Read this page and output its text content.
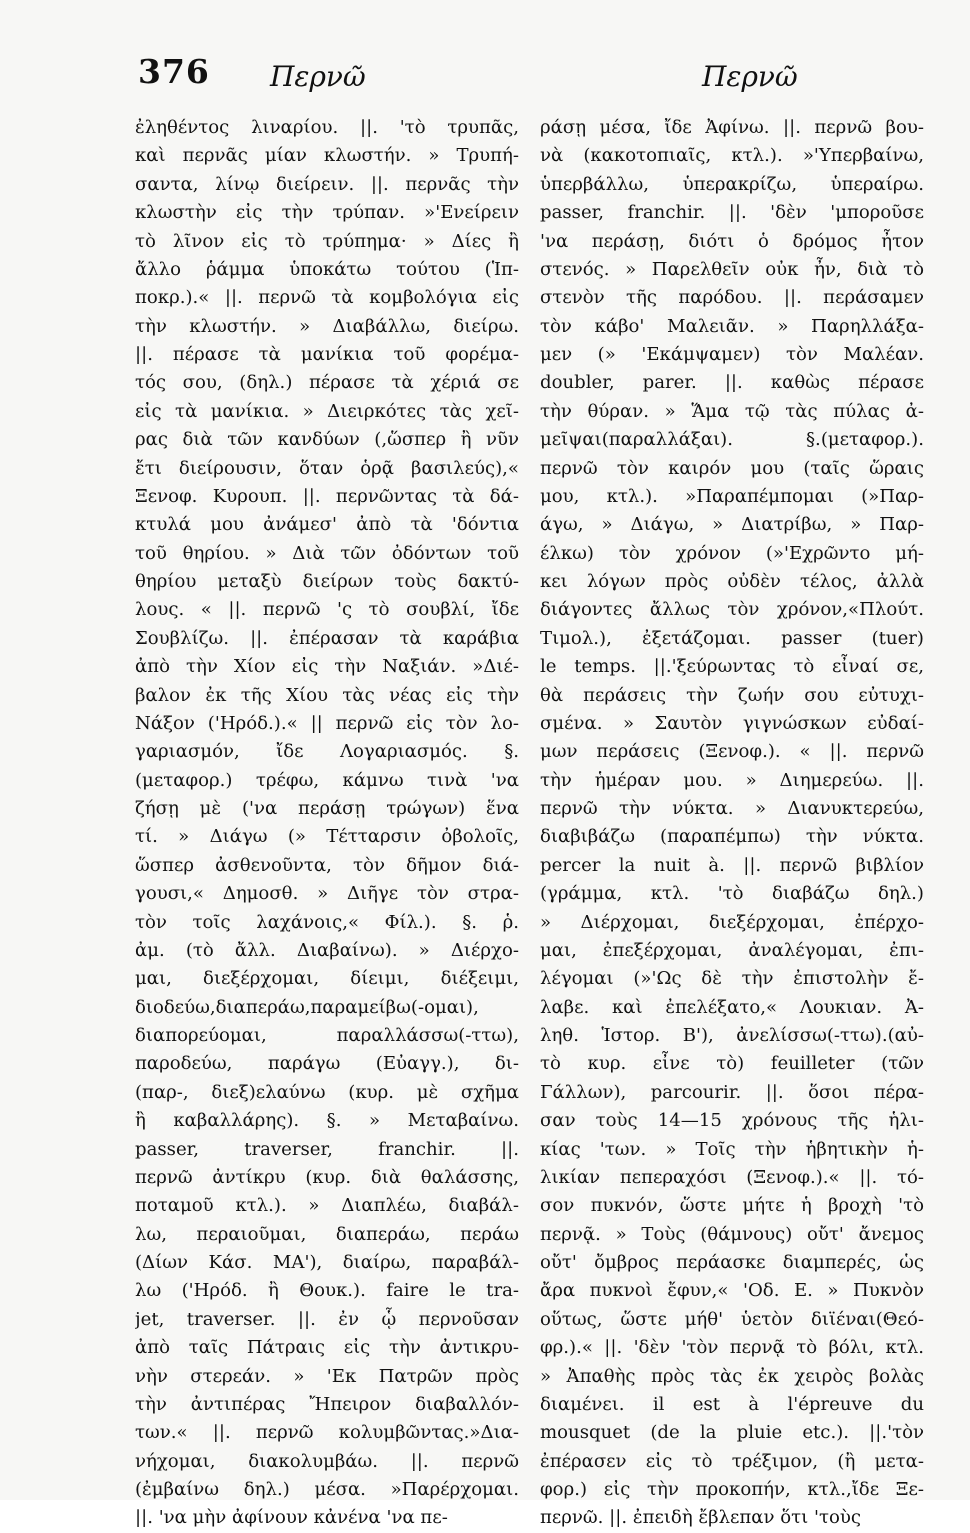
376 Περνῶ	Περνῶ
ἐληθέντος λιναρίου. ||. 'τὸ τρυπᾶς,
καὶ περνᾶς μίαν κλωστήν. » Τρυπή-
σαντα, λίνῳ διείρειν. ||. περνᾶς τὴν
κλωστὴν εἰς τὴν τρύπαν. »'Ενείρειν
τὸ λῖνον εἰς τὸ τρύπημα· » Δίες ἢ
ἄλλο ῥάμμα ὑποκάτω τούτου (Ἱπ-
ποκρ.).« ||. περνῶ τὰ κομβολόγια εἰς
τὴν κλωστήν. » Διαβάλλω, διείρω.
||. πέρασε τὰ μανίκια τοῦ φορέμα-
τός σου, (δηλ.) πέρασε τὰ χέριά σε
εἰς τὰ μανίκια. » Διειρκότες τὰς χεῖ-
ρας διὰ τῶν κανδύων (,ὥσπερ ἢ νῦν
ἔτι διείρουσιν, ὅταν ὁρᾷ βασιλεύς),«
Ξενοφ. Κυρουπ. ||. περνῶντας τὰ δά-
κτυλά μου ἀνάμεσ' ἀπὸ τὰ 'δόντια
τοῦ θηρίου. » Διὰ τῶν ὀδόντων τοῦ
θηρίου μεταξὺ διείρων τοὺς δακτύ-
λους. « ||. περνῶ 'ς τὸ σουβλί, ἴδε
Σουβλίζω. ||. ἐπέρασαν τὰ καράβια
ἀπὸ τὴν Χίον εἰς τὴν Ναξιάν. »Διέ-
βαλον ἐκ τῆς Χίου τὰς νέας εἰς τὴν
Νάξον ('Ηρόδ.).« || περνῶ εἰς τὸν λο-
γαριασμόν, ἴδε Λογαριασμός. §.
(μεταφορ.) τρέφω, κάμνω τινὰ 'να
ζήσῃ μὲ ('να περάσῃ τρώγων) ἕνα
τί. » Διάγω (» Τέτταρσιν ὀβολοῖς,
ὥσπερ ἀσθενοῦντα, τὸν δῆμον διά-
γουσι,« Δημοσθ. » Διῆγε τὸν στρα-
τὸν τοῖς λαχάνοις,« Φίλ.). §. ῥ.
ἀμ. (τὸ ἄλλ. Διαβαίνω). » Διέρχο-
μαι, διεξέρχομαι, δίειμι, διέξειμι,
διοδεύω,διαπεράω,παραμείβω(-ομαι),
διαπορεύομαι, παραλλάσσω(-ττω),
παροδεύω, παράγω (Εὐαγγ.), δι-
(παρ-, διεξ)ελαύνω (κυρ. μὲ σχῆμα
ἢ καβαλλάρης). §. » Μεταβαίνω.
passer, traverser, franchir. ||.
περνῶ ἀντίκρυ (κυρ. διὰ θαλάσσης,
ποταμοῦ κτλ.). » Διαπλέω, διαβάλ-
λω, περαιοῦμαι, διαπεράω, περάω
(Δίων Κάσ. ΜΑ'), διαίρω, παραβάλ-
λω ('Ηρόδ. ἢ Θουκ.). faire le tra-
jet, traverser. ||. ἐν ᾧ περνοῦσαν
ἀπὸ ταῖς Πάτραις εἰς τὴν ἀντικρυ-
νὴν στερεάν. » 'Εκ Πατρῶν πρὸς
τὴν ἀντιπέρας Ἤπειρον διαβαλλόν-
των.« ||. περνῶ κολυμβῶντας.»Δια-
νήχομαι, διακολυμβάω. ||. περνῶ
(ἐμβαίνω δηλ.) μέσα. »Παρέρχομαι.
||. 'να μὴν ἀφίνουν κἀνένα 'να πε-
ράσῃ μέσα, ἴδε Ἀφίνω. ||. περνῶ βου-
νὰ (κακοτοπιαῖς, κτλ.). »'Υπερβαίνω,
ὑπερβάλλω, ὑπερακρίζω, ὑπεραίρω.
passer, franchir. ||. 'δὲν 'μποροῦσε
'να περάσῃ, διότι ὁ δρόμος ἦτον
στενός. » Παρελθεῖν οὐκ ἦν, διὰ τὸ
στενὸν τῆς παρόδου. ||. περάσαμεν
τὸν κάβο' Μαλειᾶν. » Παρηλλάξα-
μεν (» 'Εκάμψαμεν) τὸν Μαλέαν.
doubler, parer. ||. καθὼς πέρασε
τὴν θύραν. » Ἅμα τῷ τὰς πύλας ἀ-
μεῖψαι(παραλλάξαι). §.(μεταφορ.).
περνῶ τὸν καιρόν μου (ταῖς ὥραις
μου, κτλ.). »Παραπέμπομαι (»Παρ-
άγω, » Διάγω, » Διατρίβω, » Παρ-
έλκω) τὸν χρόνον (»'Εχρῶντο μή-
κει λόγων πρὸς οὐδὲν τέλος, ἀλλὰ
διάγοντες ἄλλως τὸν χρόνον,«Πλούτ.
Τιμολ.), ἐξετάζομαι. passer (tuer)
le temps. ||.'ξεύρωντας τὸ εἶναί σε,
θὰ περάσεις τὴν ζωήν σου εὐτυχι-
σμένα. » Σαυτὸν γιγνώσκων εὐδαί-
μων περάσεις (Ξενοφ.). « ||. περνῶ
τὴν ἡμέραν μου. » Διημερεύω. ||.
περνῶ τὴν νύκτα. » Διανυκτερεύω,
διαβιβάζω (παραπέμπω) τὴν νύκτα.
percer la nuit à. ||. περνῶ βιβλίον
(γράμμα, κτλ. 'τὸ διαβάζω δηλ.)
» Διέρχομαι, διεξέρχομαι, ἐπέρχο-
μαι, ἐπεξέρχομαι, ἀναλέγομαι, ἐπι-
λέγομαι (»'Ως δὲ τὴν ἐπιστολὴν ἔ-
λαβε. καὶ ἐπελέξατο,« Λουκιαν. Ἀ-
ληθ. Ἱστορ. Β'), ἀνελίσσω(-ττω).(αὐ-
τὸ κυρ. εἶνε τὸ) feuilleter (τῶν
Γάλλων), parcourir. ||. ὅσοι πέρα-
σαν τοὺς 14—15 χρόνους τῆς ἡλι-
κίας 'των. » Τοῖς τὴν ἡβητικὴν ἡ-
λικίαν πεπεραχόσι (Ξενοφ.).« ||. τό-
σον πυκνόν, ὥστε μήτε ἡ βροχὴ 'τὸ
περνᾷ. » Τοὺς (θάμνους) οὔτ' ἄνεμος
οὔτ' ὄμβρος περάασκε διαμπερές, ὡς
ἄρα πυκνοὶ ἔφυν,« 'Οδ. Ε. » Πυκνὸν
οὕτως, ὥστε μήθ' ὑετὸν διϊέναι(Θεό-
φρ.).« ||. 'δὲν 'τὸν περνᾷ τὸ βόλι, κτλ.
» Ἀπαθὴς πρὸς τὰς ἐκ χειρὸς βολὰς
διαμένει. il est à l'épreuve du
mousquet (de la pluie etc.). ||.'τὸν
ἐπέρασεν εἰς τὸ τρέξιμον, (ἢ μετα-
φορ.) εἰς τὴν προκοπήν, κτλ.,ἴδε Ξε-
περνῶ. ||. ἐπειδὴ ἔβλεπαν ὅτι 'τοὺς
